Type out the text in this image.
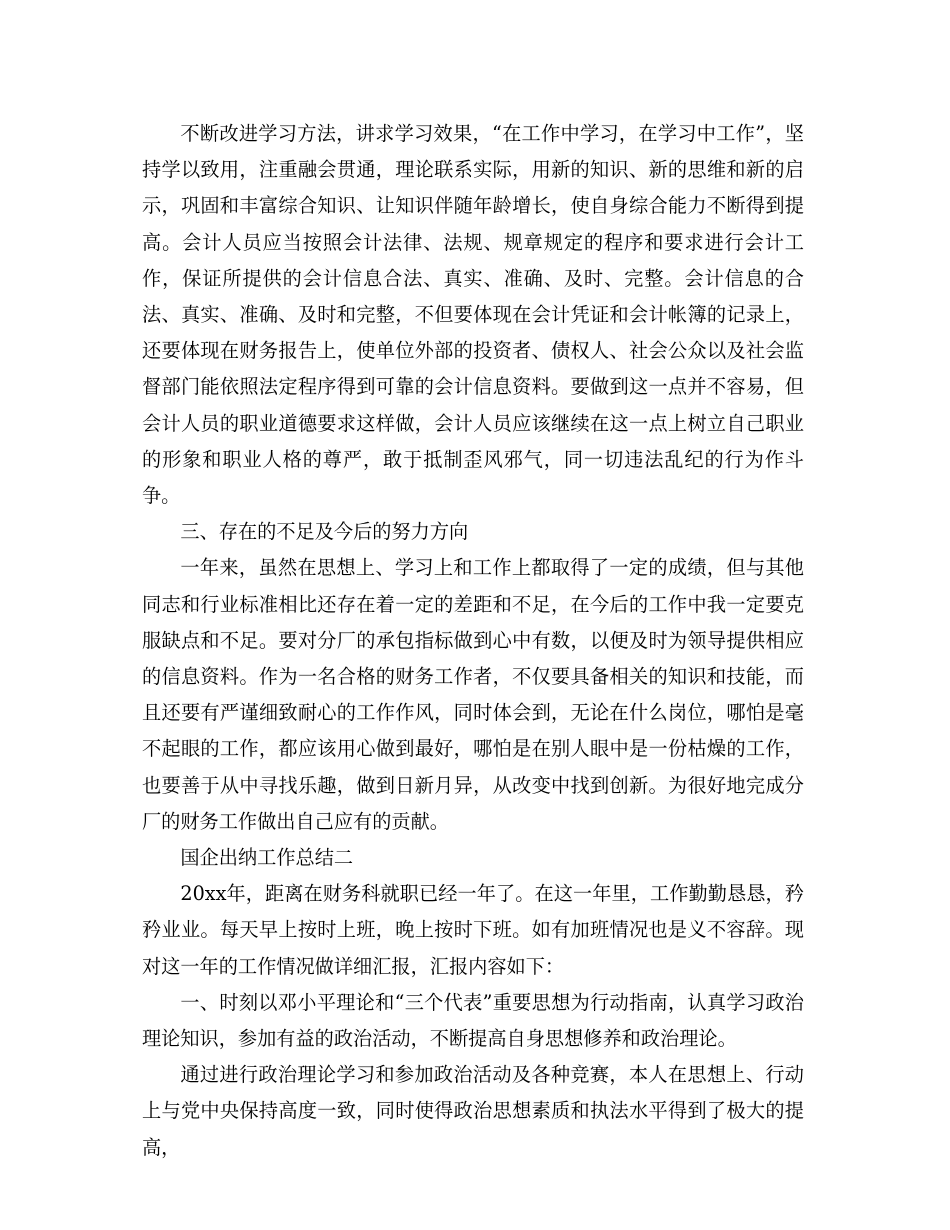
不断改进学习方法，讲求学习效果，“在工作中学习，在学习中工作”，坚持学以致用，注重融会贯通，理论联系实际，用新的知识、新的思维和新的启示，巩固和丰富综合知识、让知识伴随年龄增长，使自身综合能力不断得到提高。会计人员应当按照会计法律、法规、规章规定的程序和要求进行会计工作，保证所提供的会计信息合法、真实、准确、及时、完整。会计信息的合法、真实、准确、及时和完整，不但要体现在会计凭证和会计帐簿的记录上，还要体现在财务报告上，使单位外部的投资者、债权人、社会公众以及社会监督部门能依照法定程序得到可靠的会计信息资料。要做到这一点并不容易，但会计人员的职业道德要求这样做，会计人员应该继续在这一点上树立自己职业的形象和职业人格的尊严，敢于抵制歪风邪气，同一切违法乱纪的行为作斗争。

三、存在的不足及今后的努力方向

一年来，虽然在思想上、学习上和工作上都取得了一定的成绩，但与其他同志和行业标准相比还存在着一定的差距和不足，在今后的工作中我一定要克服缺点和不足。要对分厂的承包指标做到心中有数，以便及时为领导提供相应的信息资料。作为一名合格的财务工作者，不仅要具备相关的知识和技能，而且还要有严谨细致耐心的工作作风，同时体会到，无论在什么岗位，哪怕是毫不起眼的工作，都应该用心做到最好，哪怕是在别人眼中是一份枯燥的工作，也要善于从中寻找乐趣，做到日新月异，从改变中找到创新。为很好地完成分厂的财务工作做出自己应有的贡献。

国企出纳工作总结二

20xx年，距离在财务科就职已经一年了。在这一年里，工作勤勤恳恳，矜矜业业。每天早上按时上班，晚上按时下班。如有加班情况也是义不容辞。现对这一年的工作情况做详细汇报，汇报内容如下：

一、时刻以邓小平理论和“三个代表”重要思想为行动指南，认真学习政治理论知识，参加有益的政治活动，不断提高自身思想修养和政治理论。

通过进行政治理论学习和参加政治活动及各种竞赛，本人在思想上、行动上与党中央保持高度一致，同时使得政治思想素质和执法水平得到了极大的提高，
